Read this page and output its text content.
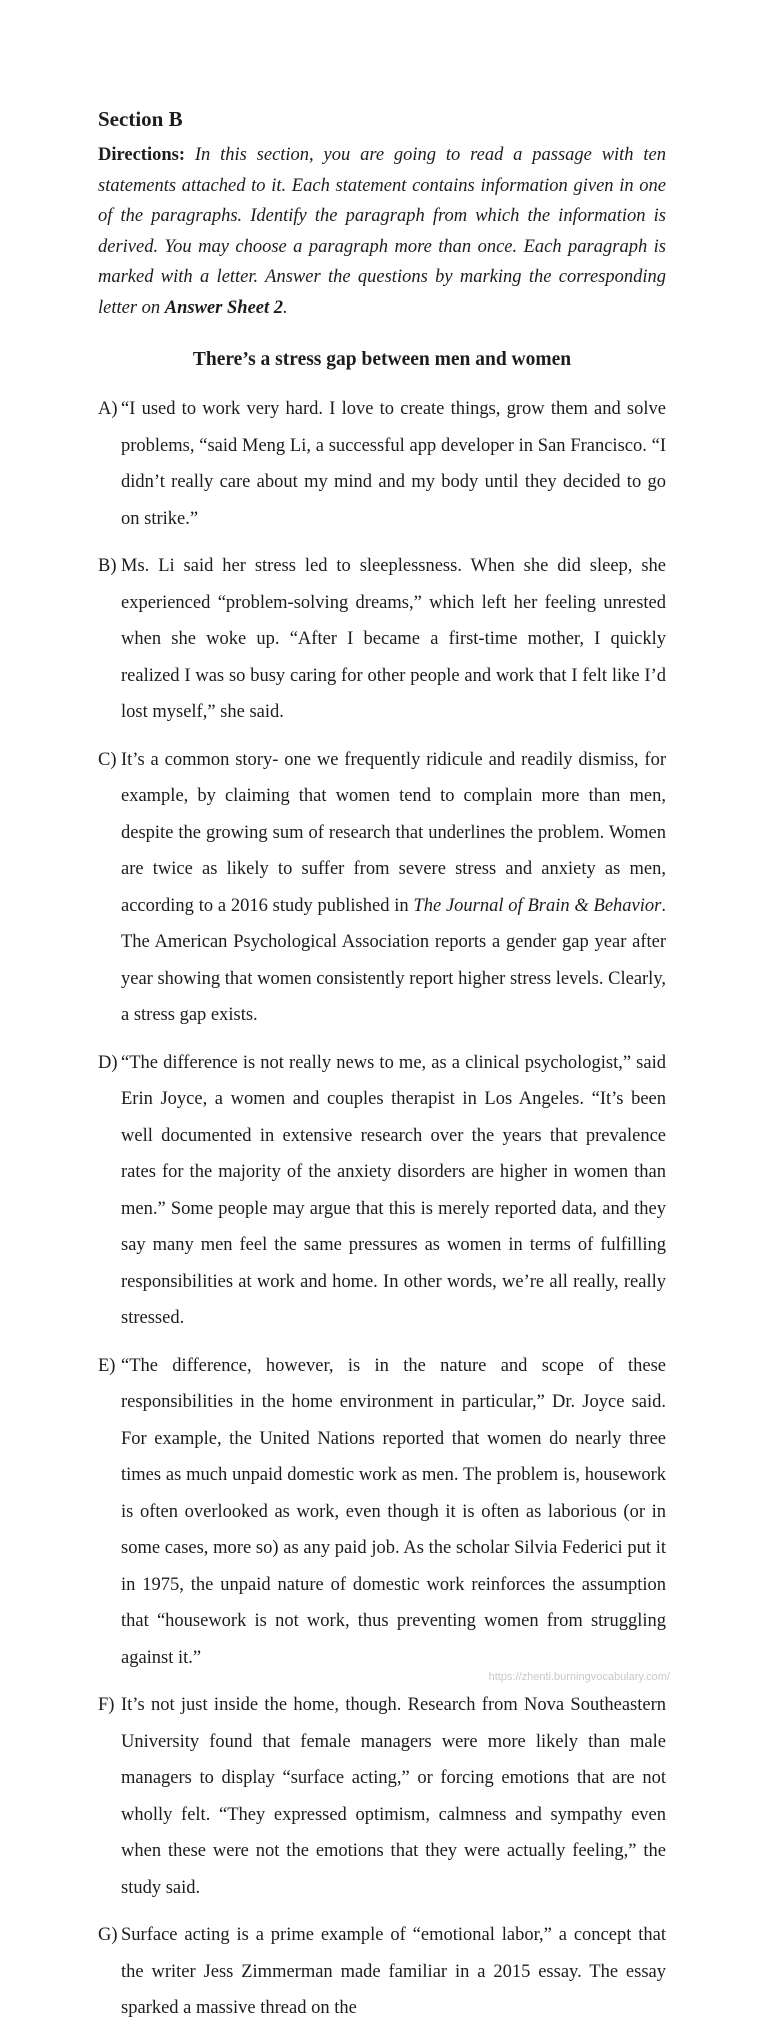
Section B

Directions: In this section, you are going to read a passage with ten statements attached to it. Each statement contains information given in one of the paragraphs. Identify the paragraph from which the information is derived. You may choose a paragraph more than once. Each paragraph is marked with a letter. Answer the questions by marking the corresponding letter on Answer Sheet 2.

There’s a stress gap between men and women
A) “I used to work very hard. I love to create things, grow them and solve problems, “said Meng Li, a successful app developer in San Francisco. “I didn’t really care about my mind and my body until they decided to go on strike.”
B) Ms. Li said her stress led to sleeplessness. When she did sleep, she experienced “problem-solving dreams,” which left her feeling unrested when she woke up. “After I became a first-time mother, I quickly realized I was so busy caring for other people and work that I felt like I’d lost myself,” she said.
C) It’s a common story- one we frequently ridicule and readily dismiss, for example, by claiming that women tend to complain more than men, despite the growing sum of research that underlines the problem. Women are twice as likely to suffer from severe stress and anxiety as men, according to a 2016 study published in The Journal of Brain & Behavior. The American Psychological Association reports a gender gap year after year showing that women consistently report higher stress levels. Clearly, a stress gap exists.
D) “The difference is not really news to me, as a clinical psychologist,” said Erin Joyce, a women and couples therapist in Los Angeles. “It’s been well documented in extensive research over the years that prevalence rates for the majority of the anxiety disorders are higher in women than men.” Some people may argue that this is merely reported data, and they say many men feel the same pressures as women in terms of fulfilling responsibilities at work and home. In other words, we’re all really, really stressed.
E) “The difference, however, is in the nature and scope of these responsibilities in the home environment in particular,” Dr. Joyce said. For example, the United Nations reported that women do nearly three times as much unpaid domestic work as men. The problem is, housework is often overlooked as work, even though it is often as laborious (or in some cases, more so) as any paid job. As the scholar Silvia Federici put it in 1975, the unpaid nature of domestic work reinforces the assumption that “housework is not work, thus preventing women from struggling against it.”
F) It’s not just inside the home, though. Research from Nova Southeastern University found that female managers were more likely than male managers to display “surface acting,” or forcing emotions that are not wholly felt. “They expressed optimism, calmness and sympathy even when these were not the emotions that they were actually feeling,” the study said.
G) Surface acting is a prime example of “emotional labor,” a concept that the writer Jess Zimmerman made familiar in a 2015 essay. The essay sparked a massive thread on the
https://zhenti.burningvocabulary.com/
